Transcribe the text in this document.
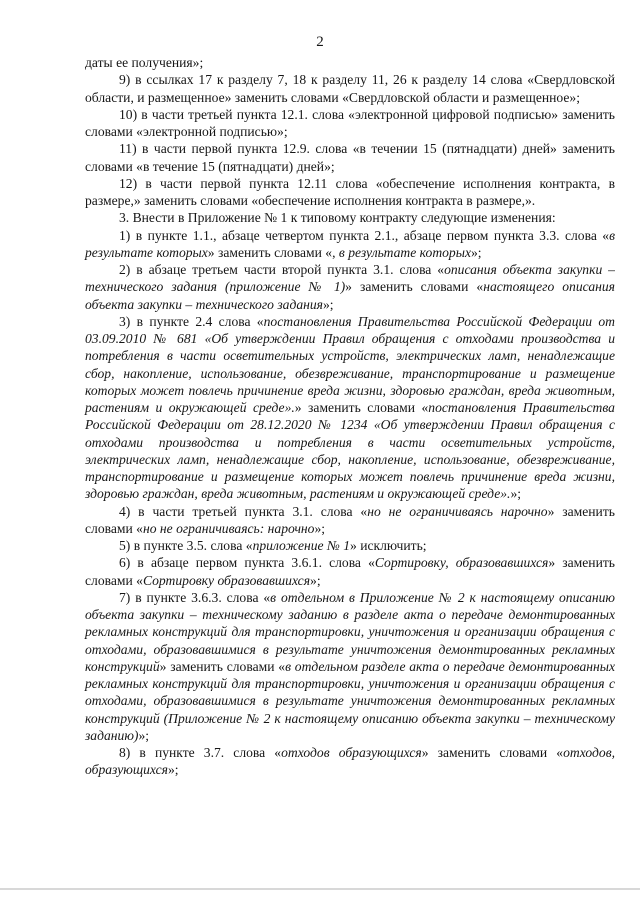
2

даты ее получения»;

9) в ссылках 17 к разделу 7, 18 к разделу 11, 26 к разделу 14 слова «Свердловской области, и размещенное» заменить словами «Свердловской области и размещенное»;

10) в части третьей пункта 12.1. слова «электронной цифровой подписью» заменить словами «электронной подписью»;

11) в части первой пункта 12.9. слова «в течении 15 (пятнадцати) дней» заменить словами «в течение 15 (пятнадцати) дней»;

12) в части первой пункта 12.11 слова «обеспечение исполнения контракта, в размере,» заменить словами «обеспечение исполнения контракта в размере,».

3. Внести в Приложение № 1 к типовому контракту следующие изменения:

1) в пункте 1.1., абзаце четвертом пункта 2.1., абзаце первом пункта 3.3. слова «в результате которых» заменить словами «, в результате которых»;

2) в абзаце третьем части второй пункта 3.1. слова «описания объекта закупки – технического задания (приложение № 1)» заменить словами «настоящего описания объекта закупки – технического задания»;

3) в пункте 2.4 слова «постановления Правительства Российской Федерации от 03.09.2010 № 681 «Об утверждении Правил обращения с отходами производства и потребления в части осветительных устройств, электрических ламп, ненадлежащие сбор, накопление, использование, обезвреживание, транспортирование и размещение которых может повлечь причинение вреда жизни, здоровью граждан, вреда животным, растениям и окружающей среде».» заменить словами «постановления Правительства Российской Федерации от 28.12.2020 № 1234 «Об утверждении Правил обращения с отходами производства и потребления в части осветительных устройств, электрических ламп, ненадлежащие сбор, накопление, использование, обезвреживание, транспортирование и размещение которых может повлечь причинение вреда жизни, здоровью граждан, вреда животным, растениям и окружающей среде».»;

4) в части третьей пункта 3.1. слова «но не ограничиваясь нарочно» заменить словами «но не ограничиваясь: нарочно»;

5) в пункте 3.5. слова «приложение № 1» исключить;

6) в абзаце первом пункта 3.6.1. слова «Сортировку, образовавшихся» заменить словами «Сортировку образовавшихся»;

7) в пункте 3.6.3. слова «в отдельном в Приложение № 2 к настоящему описанию объекта закупки – техническому заданию в разделе акта о передаче демонтированных рекламных конструкций для транспортировки, уничтожения и организации обращения с отходами, образовавшимися в результате уничтожения демонтированных рекламных конструкций» заменить словами «в отдельном разделе акта о передаче демонтированных рекламных конструкций для транспортировки, уничтожения и организации обращения с отходами, образовавшимися в результате уничтожения демонтированных рекламных конструкций (Приложение № 2 к настоящему описанию объекта закупки – техническому заданию)»;

8) в пункте 3.7. слова «отходов образующихся» заменить словами «отходов, образующихся»;
